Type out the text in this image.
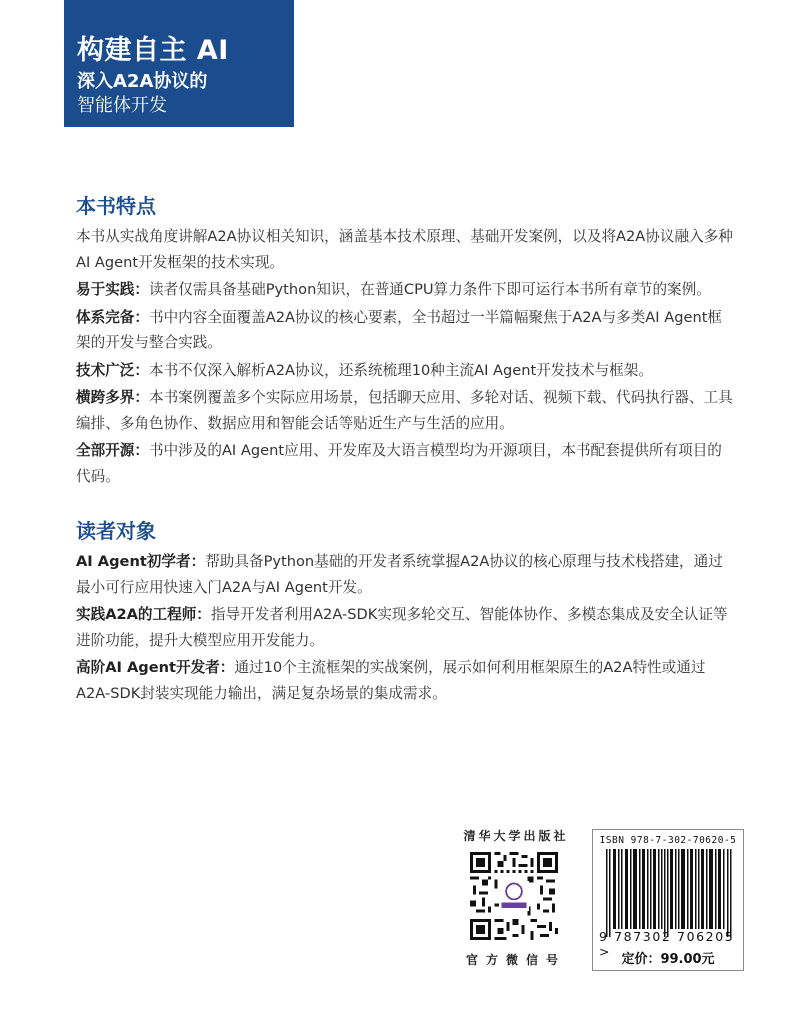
构建自主 AI
深入A2A协议的
智能体开发
本书特点

本书从实战角度讲解A2A协议相关知识，涵盖基本技术原理、基础开发案例，以及将A2A协议融入多种AI Agent开发框架的技术实现。

易于实践：读者仅需具备基础Python知识，在普通CPU算力条件下即可运行本书所有章节的案例。

体系完备：书中内容全面覆盖A2A协议的核心要素，全书超过一半篇幅聚焦于A2A与多类AI Agent框架的开发与整合实践。

技术广泛：本书不仅深入解析A2A协议，还系统梳理10种主流AI Agent开发技术与框架。

横跨多界：本书案例覆盖多个实际应用场景，包括聊天应用、多轮对话、视频下载、代码执行器、工具编排、多角色协作、数据应用和智能会话等贴近生产与生活的应用。

全部开源：书中涉及的AI Agent应用、开发库及大语言模型均为开源项目，本书配套提供所有项目的代码。

读者对象

AI Agent初学者：帮助具备Python基础的开发者系统掌握A2A协议的核心原理与技术栈搭建，通过最小可行应用快速入门A2A与AI Agent开发。

实践A2A的工程师：指导开发者利用A2A-SDK实现多轮交互、智能体协作、多模态集成及安全认证等进阶功能，提升大模型应用开发能力。

高阶AI Agent开发者：通过10个主流框架的实战案例，展示如何利用框架原生的A2A特性或通过A2A-SDK封装实现能力输出，满足复杂场景的集成需求。

清华大学出版社
官方微信号
ISBN 978-7-302-70620-5
9 787302 706205 >
定价：99.00元
